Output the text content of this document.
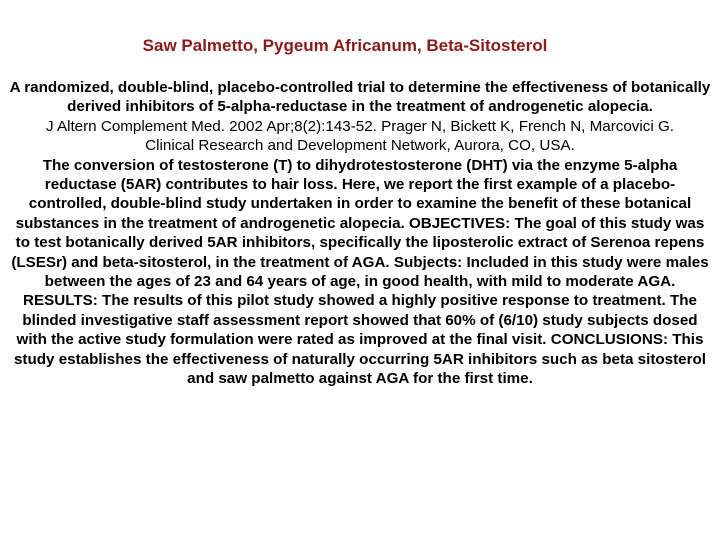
Saw Palmetto, Pygeum Africanum, Beta-Sitosterol

A randomized, double-blind, placebo-controlled trial to determine the effectiveness of botanically derived inhibitors of 5-alpha-reductase in the treatment of androgenetic alopecia.

J Altern Complement Med. 2002 Apr;8(2):143-52. Prager N, Bickett K, French N, Marcovici G.

Clinical Research and Development Network, Aurora, CO, USA.

The conversion of testosterone (T) to dihydrotestosterone (DHT) via the enzyme 5-alpha reductase (5AR) contributes to hair loss. Here, we report the first example of a placebo-controlled, double-blind study undertaken in order to examine the benefit of these botanical substances in the treatment of androgenetic alopecia. OBJECTIVES: The goal of this study was to test botanically derived 5AR inhibitors, specifically the liposterolic extract of Serenoa repens (LSESr) and beta-sitosterol, in the treatment of AGA. Subjects: Included in this study were males between the ages of 23 and 64 years of age, in good health, with mild to moderate AGA. RESULTS: The results of this pilot study showed a highly positive response to treatment. The blinded investigative staff assessment report showed that 60% of (6/10) study subjects dosed with the active study formulation were rated as improved at the final visit. CONCLUSIONS: This study establishes the effectiveness of naturally occurring 5AR inhibitors such as beta sitosterol and saw palmetto against AGA for the first time.
